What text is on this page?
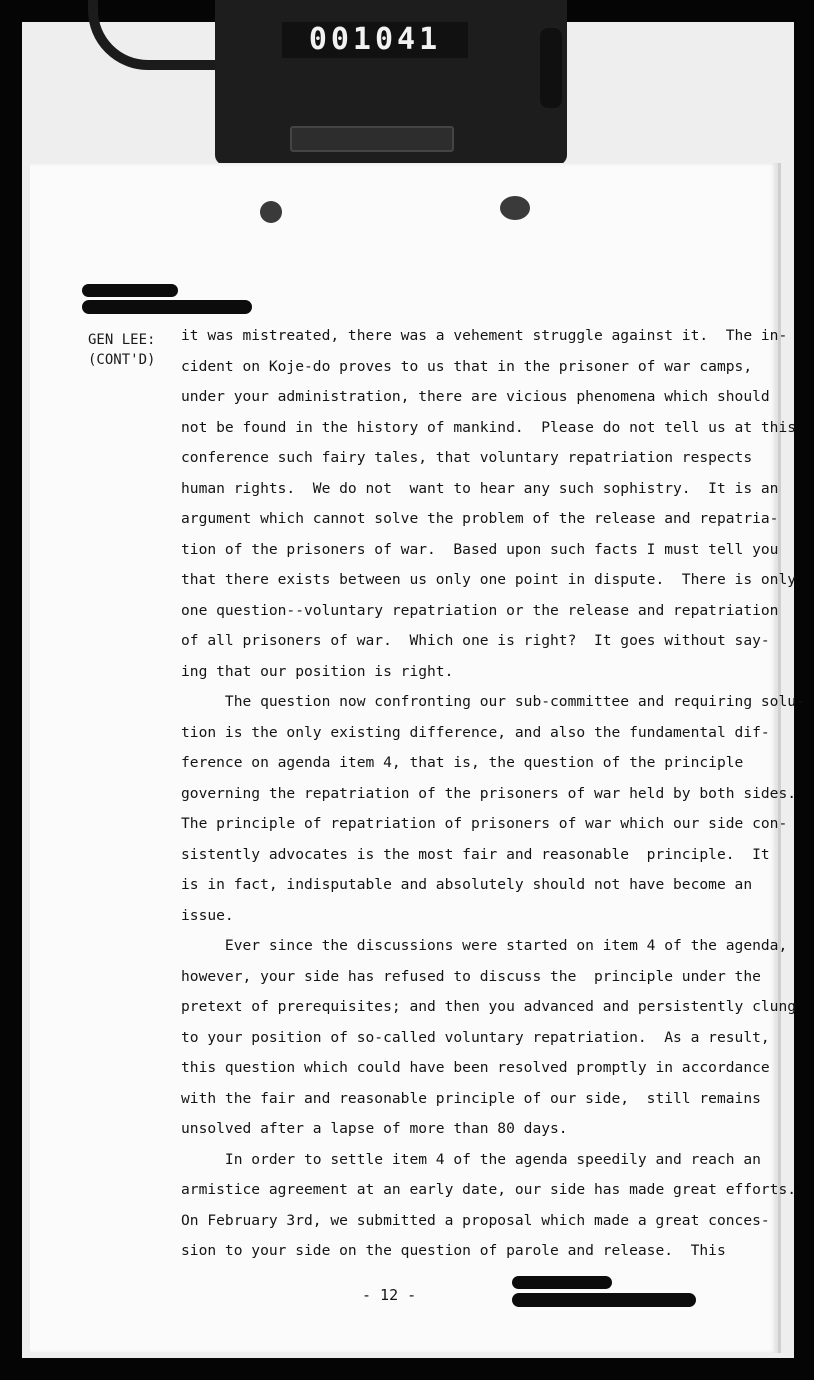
001041
GEN LEE:
(CONT'D)
it was mistreated, there was a vehement struggle against it.  The in-
cident on Koje-do proves to us that in the prisoner of war camps,
under your administration, there are vicious phenomena which should
not be found in the history of mankind.  Please do not tell us at this
conference such fairy tales, that voluntary repatriation respects
human rights.  We do not  want to hear any such sophistry.  It is an
argument which cannot solve the problem of the release and repatria-
tion of the prisoners of war.  Based upon such facts I must tell you
that there exists between us only one point in dispute.  There is only
one question--voluntary repatriation or the release and repatriation
of all prisoners of war.  Which one is right?  It goes without say-
ing that our position is right.
The question now confronting our sub-committee and requiring solu-
tion is the only existing difference, and also the fundamental dif-
ference on agenda item 4, that is, the question of the principle
governing the repatriation of the prisoners of war held by both sides.
The principle of repatriation of prisoners of war which our side con-
sistently advocates is the most fair and reasonable  principle.  It
is in fact, indisputable and absolutely should not have become an
issue.
Ever since the discussions were started on item 4 of the agenda,
however, your side has refused to discuss the  principle under the
pretext of prerequisites; and then you advanced and persistently clung
to your position of so-called voluntary repatriation.  As a result,
this question which could have been resolved promptly in accordance
with the fair and reasonable principle of our side,  still remains
unsolved after a lapse of more than 80 days.
In order to settle item 4 of the agenda speedily and reach an
armistice agreement at an early date, our side has made great efforts.
On February 3rd, we submitted a proposal which made a great conces-
sion to your side on the question of parole and release.  This
- 12 -
